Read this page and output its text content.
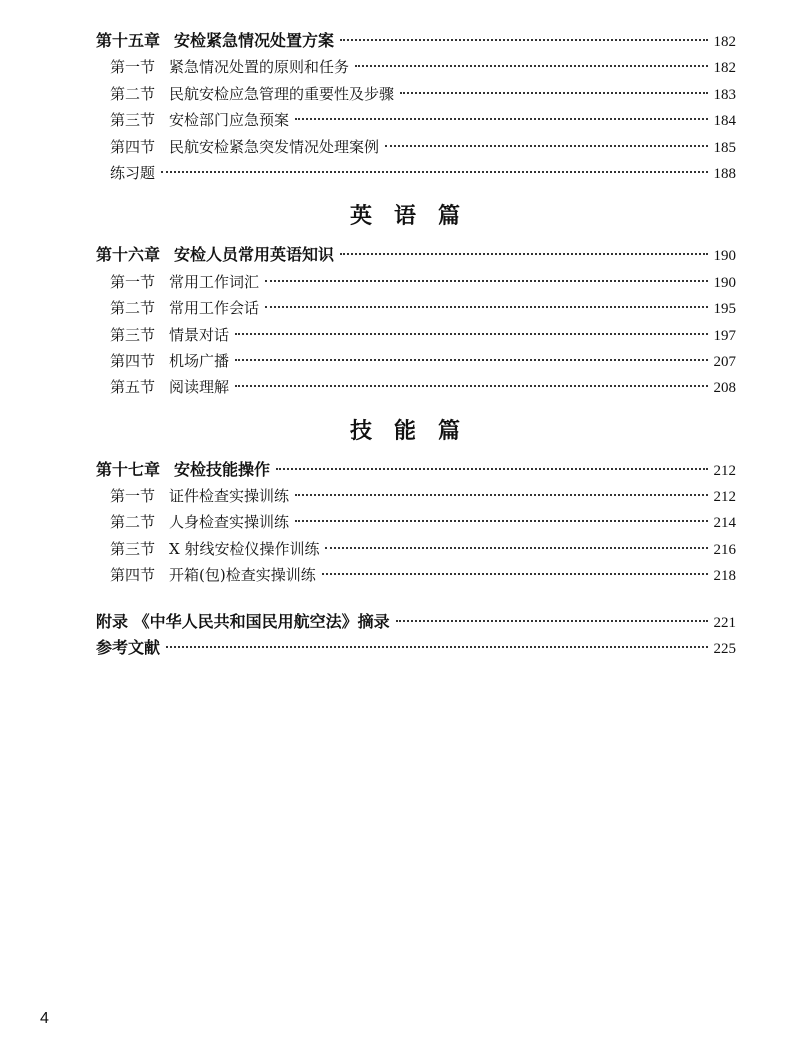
第十五章 安检紧急情况处置方案	182
第一节 紧急情况处置的原则和任务	182
第二节 民航安检应急管理的重要性及步骤	183
第三节 安检部门应急预案	184
第四节 民航安检紧急突发情况处理案例	185
练习题	188
英语篇
第十六章 安检人员常用英语知识	190
第一节 常用工作词汇	190
第二节 常用工作会话	195
第三节 情景对话	197
第四节 机场广播	207
第五节 阅读理解	208
技能篇
第十七章 安检技能操作	212
第一节 证件检查实操训练	212
第二节 人身检查实操训练	214
第三节 X 射线安检仪操作训练	216
第四节 开箱(包)检查实操训练	218
附录 《中华人民共和国民用航空法》摘录	221
参考文献	225
4
